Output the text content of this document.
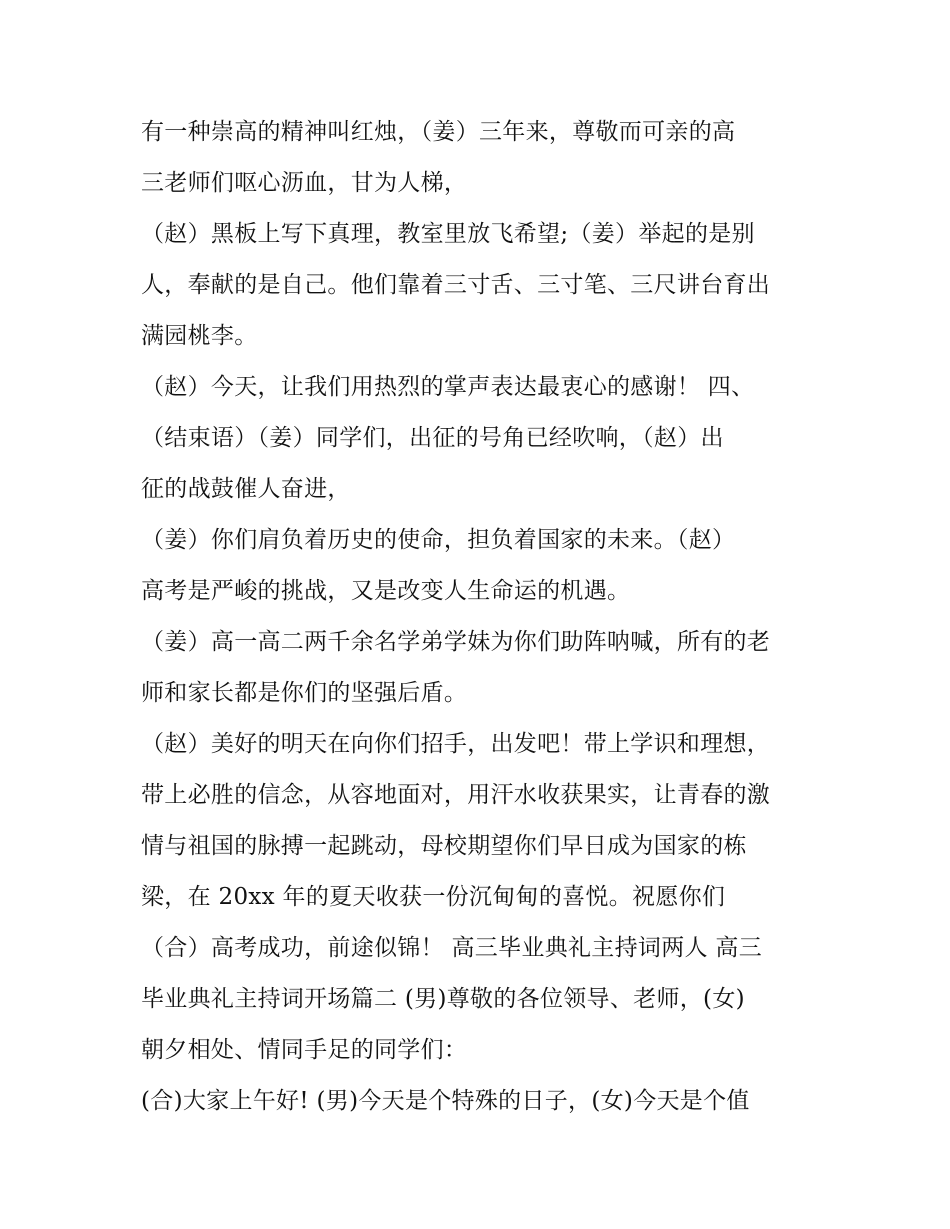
有一种崇高的精神叫红烛，（姜）三年来，尊敬而可亲的高
三老师们呕心沥血，甘为人梯，
（赵）黑板上写下真理，教室里放飞希望;（姜）举起的是别
人，奉献的是自己。他们靠着三寸舌、三寸笔、三尺讲台育出
满园桃李。
（赵）今天，让我们用热烈的掌声表达最衷心的感谢！ 四、
（结束语）（姜）同学们，出征的号角已经吹响，（赵）出
征的战鼓催人奋进，
（姜）你们肩负着历史的使命，担负着国家的未来。（赵）
高考是严峻的挑战，又是改变人生命运的机遇。
（姜）高一高二两千余名学弟学妹为你们助阵呐喊，所有的老
师和家长都是你们的坚强后盾。
（赵）美好的明天在向你们招手，出发吧！带上学识和理想，
带上必胜的信念，从容地面对，用汗水收获果实，让青春的激
情与祖国的脉搏一起跳动，母校期望你们早日成为国家的栋
梁，在 20xx 年的夏天收获一份沉甸甸的喜悦。祝愿你们
（合）高考成功，前途似锦！ 高三毕业典礼主持词两人 高三
毕业典礼主持词开场篇二 (男)尊敬的各位领导、老师，(女)
朝夕相处、情同手足的同学们：
(合)大家上午好! (男)今天是个特殊的日子，(女)今天是个值
